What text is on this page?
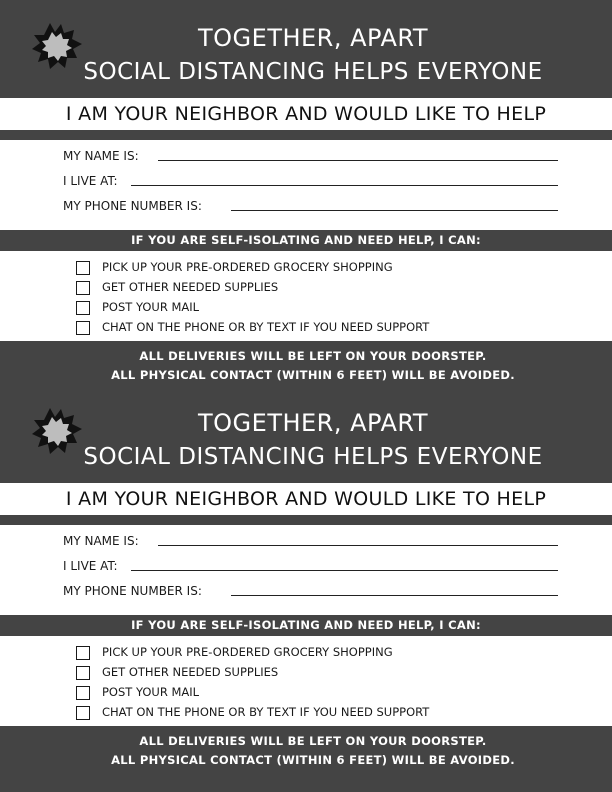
TOGETHER, APART
SOCIAL DISTANCING HELPS EVERYONE
I AM YOUR NEIGHBOR AND WOULD LIKE TO HELP
MY NAME IS:
I LIVE AT:
MY PHONE NUMBER IS:
IF YOU ARE SELF-ISOLATING AND NEED HELP, I CAN:
PICK UP YOUR PRE-ORDERED GROCERY SHOPPING
GET OTHER NEEDED SUPPLIES
POST YOUR MAIL
CHAT ON THE PHONE OR BY TEXT IF YOU NEED SUPPORT
ALL DELIVERIES WILL BE LEFT ON YOUR DOORSTEP.
ALL PHYSICAL CONTACT (WITHIN 6 FEET) WILL BE AVOIDED.
TOGETHER, APART
SOCIAL DISTANCING HELPS EVERYONE
I AM YOUR NEIGHBOR AND WOULD LIKE TO HELP
MY NAME IS:
I LIVE AT:
MY PHONE NUMBER IS:
IF YOU ARE SELF-ISOLATING AND NEED HELP, I CAN:
PICK UP YOUR PRE-ORDERED GROCERY SHOPPING
GET OTHER NEEDED SUPPLIES
POST YOUR MAIL
CHAT ON THE PHONE OR BY TEXT IF YOU NEED SUPPORT
ALL DELIVERIES WILL BE LEFT ON YOUR DOORSTEP.
ALL PHYSICAL CONTACT (WITHIN 6 FEET) WILL BE AVOIDED.
